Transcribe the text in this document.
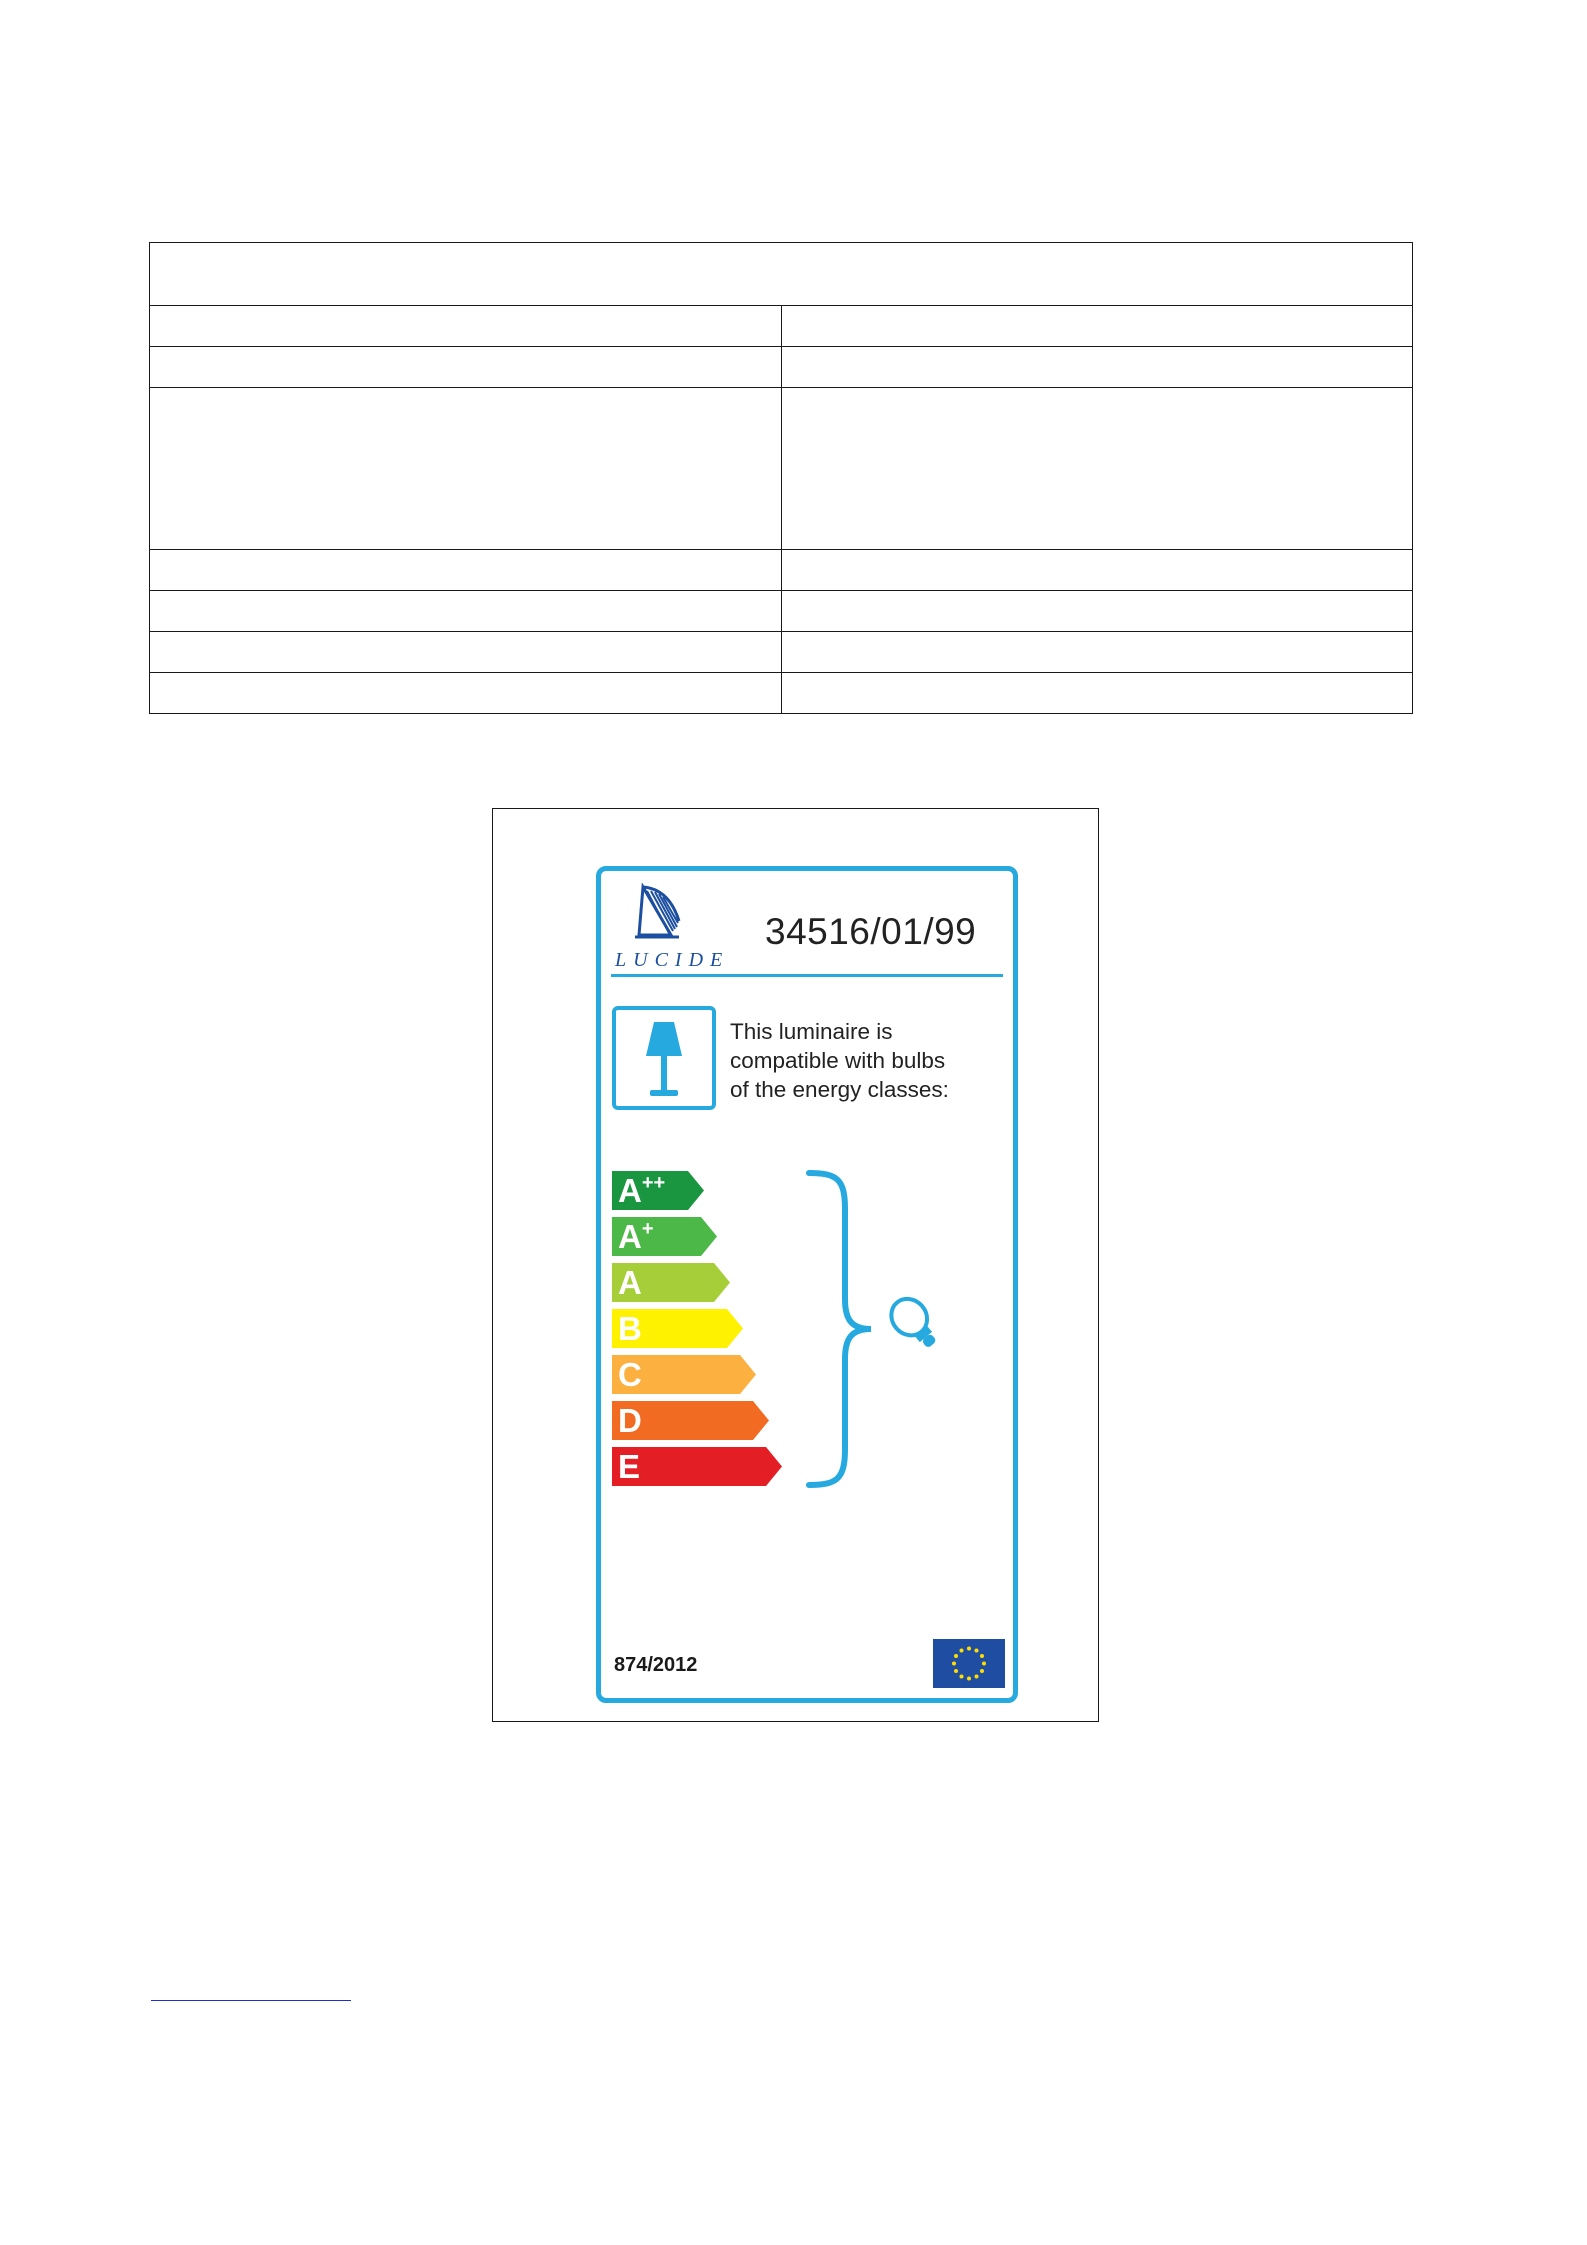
LUCIDE
34516/01/99
This luminaire is
compatible with bulbs
of the energy classes:
A++
A+
A
B
C
D
E
874/2012
